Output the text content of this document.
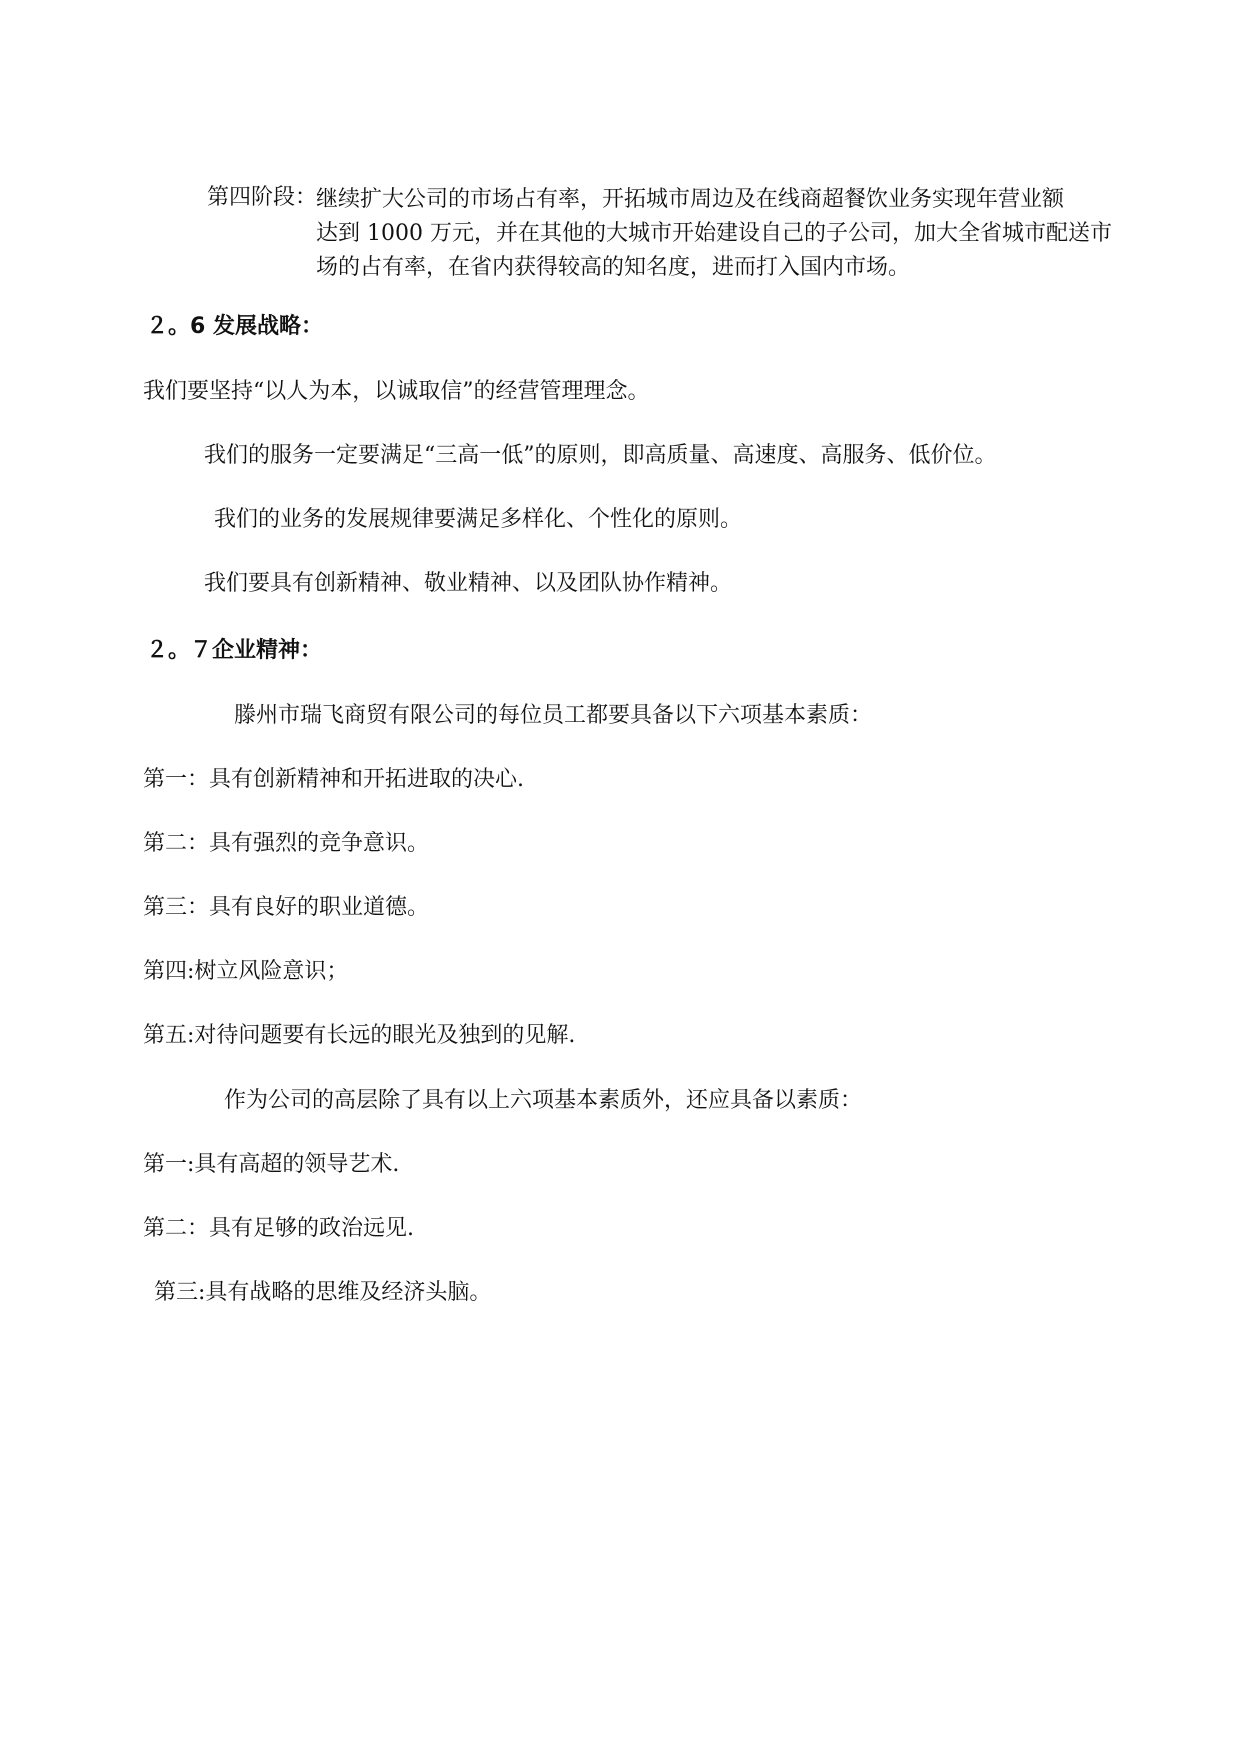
第四阶段：
继续扩大公司的市场占有率，开拓城市周边及在线商超餐饮业务实现年营业额
达到 1000 万元，并在其他的大城市开始建设自己的子公司，加大全省城市配送市
场的占有率，在省内获得较高的知名度，进而打入国内市场。
２。6 发展战略：
我们要坚持“以人为本，以诚取信”的经营管理理念。
我们的服务一定要满足“三高一低”的原则，即高质量、高速度、高服务、低价位。
我们的业务的发展规律要满足多样化、个性化的原则。
我们要具有创新精神、敬业精神、以及团队协作精神。
２。７企业精神：
滕州市瑞飞商贸有限公司的每位员工都要具备以下六项基本素质：
第一：具有创新精神和开拓进取的决心.
第二：具有强烈的竞争意识。
第三：具有良好的职业道德。
第四:树立风险意识；
第五:对待问题要有长远的眼光及独到的见解.
作为公司的高层除了具有以上六项基本素质外，还应具备以素质：
第一:具有高超的领导艺术.
第二：具有足够的政治远见.
第三:具有战略的思维及经济头脑。
